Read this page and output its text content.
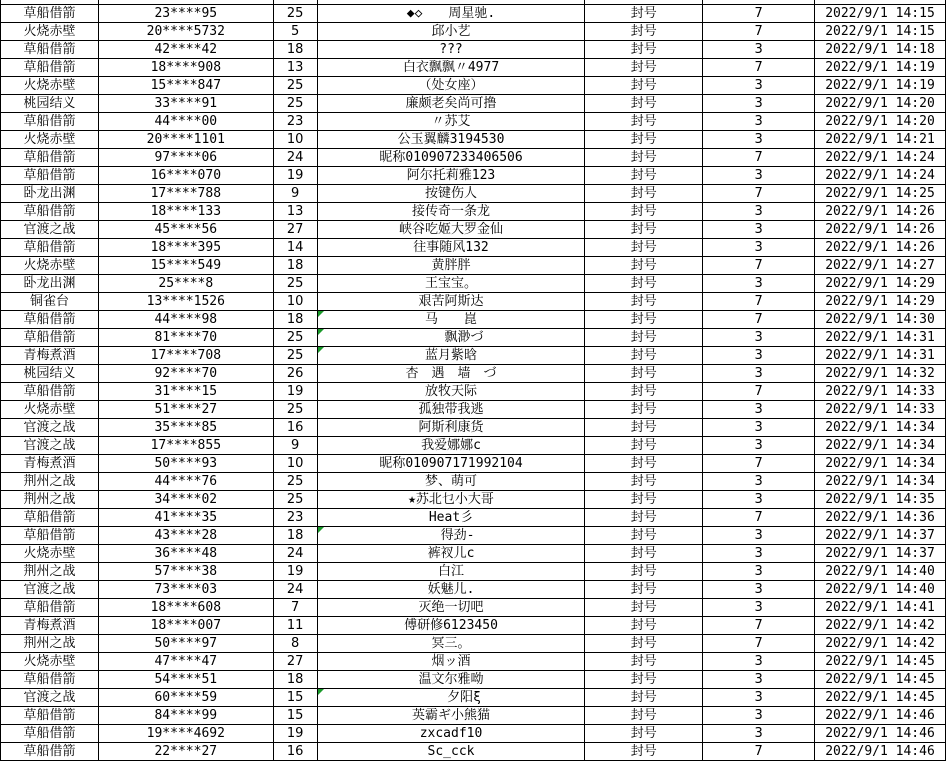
草船借箭	23****95	25	◆◇　　周星驰.	封号	7	2022/9/1 14:15
火烧赤壁	20****5732	5	邱小艺	封号	7	2022/9/1 14:15
草船借箭	42****42	18	???	封号	3	2022/9/1 14:18
草船借箭	18****908	13	白衣飘飘〃4977	封号	7	2022/9/1 14:19
火烧赤壁	15****847	25	（处女座）	封号	3	2022/9/1 14:19
桃园结义	33****91	25	廉颇老矣尚可撸	封号	3	2022/9/1 14:20
草船借箭	44****00	23	〃苏艾	封号	3	2022/9/1 14:20
火烧赤壁	20****1101	10	公玉翼麟3194530	封号	3	2022/9/1 14:21
草船借箭	97****06	24	昵称010907233406506	封号	7	2022/9/1 14:24
草船借箭	16****070	19	阿尔托莉雅123	封号	3	2022/9/1 14:24
卧龙出渊	17****788	9	按键伤人	封号	7	2022/9/1 14:25
草船借箭	18****133	13	接传奇一条龙	封号	3	2022/9/1 14:26
官渡之战	45****56	27	峡谷吃姬大罗金仙	封号	3	2022/9/1 14:26
草船借箭	18****395	14	往事随风132	封号	3	2022/9/1 14:26
火烧赤壁	15****549	18	黄胖胖	封号	7	2022/9/1 14:27
卧龙出渊	25****8	25	王宝宝。	封号	3	2022/9/1 14:29
铜雀台	13****1526	10	艰苦阿斯达	封号	7	2022/9/1 14:29
草船借箭	44****98	18	马　　崑	封号	7	2022/9/1 14:30
草船借箭	81****70	25	　　飘渺づ	封号	3	2022/9/1 14:31
青梅煮酒	17****708	25	蓝月紫晗	封号	3	2022/9/1 14:31
桃园结义	92****70	26	杏　遇　墙　づ	封号	3	2022/9/1 14:32
草船借箭	31****15	19	放牧天际	封号	7	2022/9/1 14:33
火烧赤壁	51****27	25	孤独带我逃	封号	3	2022/9/1 14:33
官渡之战	35****85	16	阿斯利康货	封号	3	2022/9/1 14:34
官渡之战	17****855	9	我爱娜娜c	封号	3	2022/9/1 14:34
青梅煮酒	50****93	10	昵称010907171992104	封号	7	2022/9/1 14:34
荆州之战	44****76	25	梦、萌可	封号	3	2022/9/1 14:34
荆州之战	34****02	25	★苏北乜小大哥	封号	3	2022/9/1 14:35
草船借箭	41****35	23	Heat彡	封号	7	2022/9/1 14:36
草船借箭	43****28	18	　得劲-	封号	3	2022/9/1 14:37
火烧赤壁	36****48	24	裤衩儿c	封号	3	2022/9/1 14:37
荆州之战	57****38	19	白江	封号	3	2022/9/1 14:40
官渡之战	73****03	24	妖魅儿.	封号	3	2022/9/1 14:40
草船借箭	18****608	7	灭绝一切吧	封号	3	2022/9/1 14:41
青梅煮酒	18****007	11	傅研修6123450	封号	7	2022/9/1 14:42
荆州之战	50****97	8	冥三。	封号	7	2022/9/1 14:42
火烧赤壁	47****47	27	烟ッ酒	封号	3	2022/9/1 14:45
草船借箭	54****51	18	温文尔雅呦	封号	3	2022/9/1 14:45
官渡之战	60****59	15	　　夕阳ξ	封号	3	2022/9/1 14:45
草船借箭	84****99	15	英霸ギ小熊猫	封号	3	2022/9/1 14:46
草船借箭	19****4692	19	zxcadf10	封号	3	2022/9/1 14:46
草船借箭	22****27	16	Sc_cck	封号	7	2022/9/1 14:46
